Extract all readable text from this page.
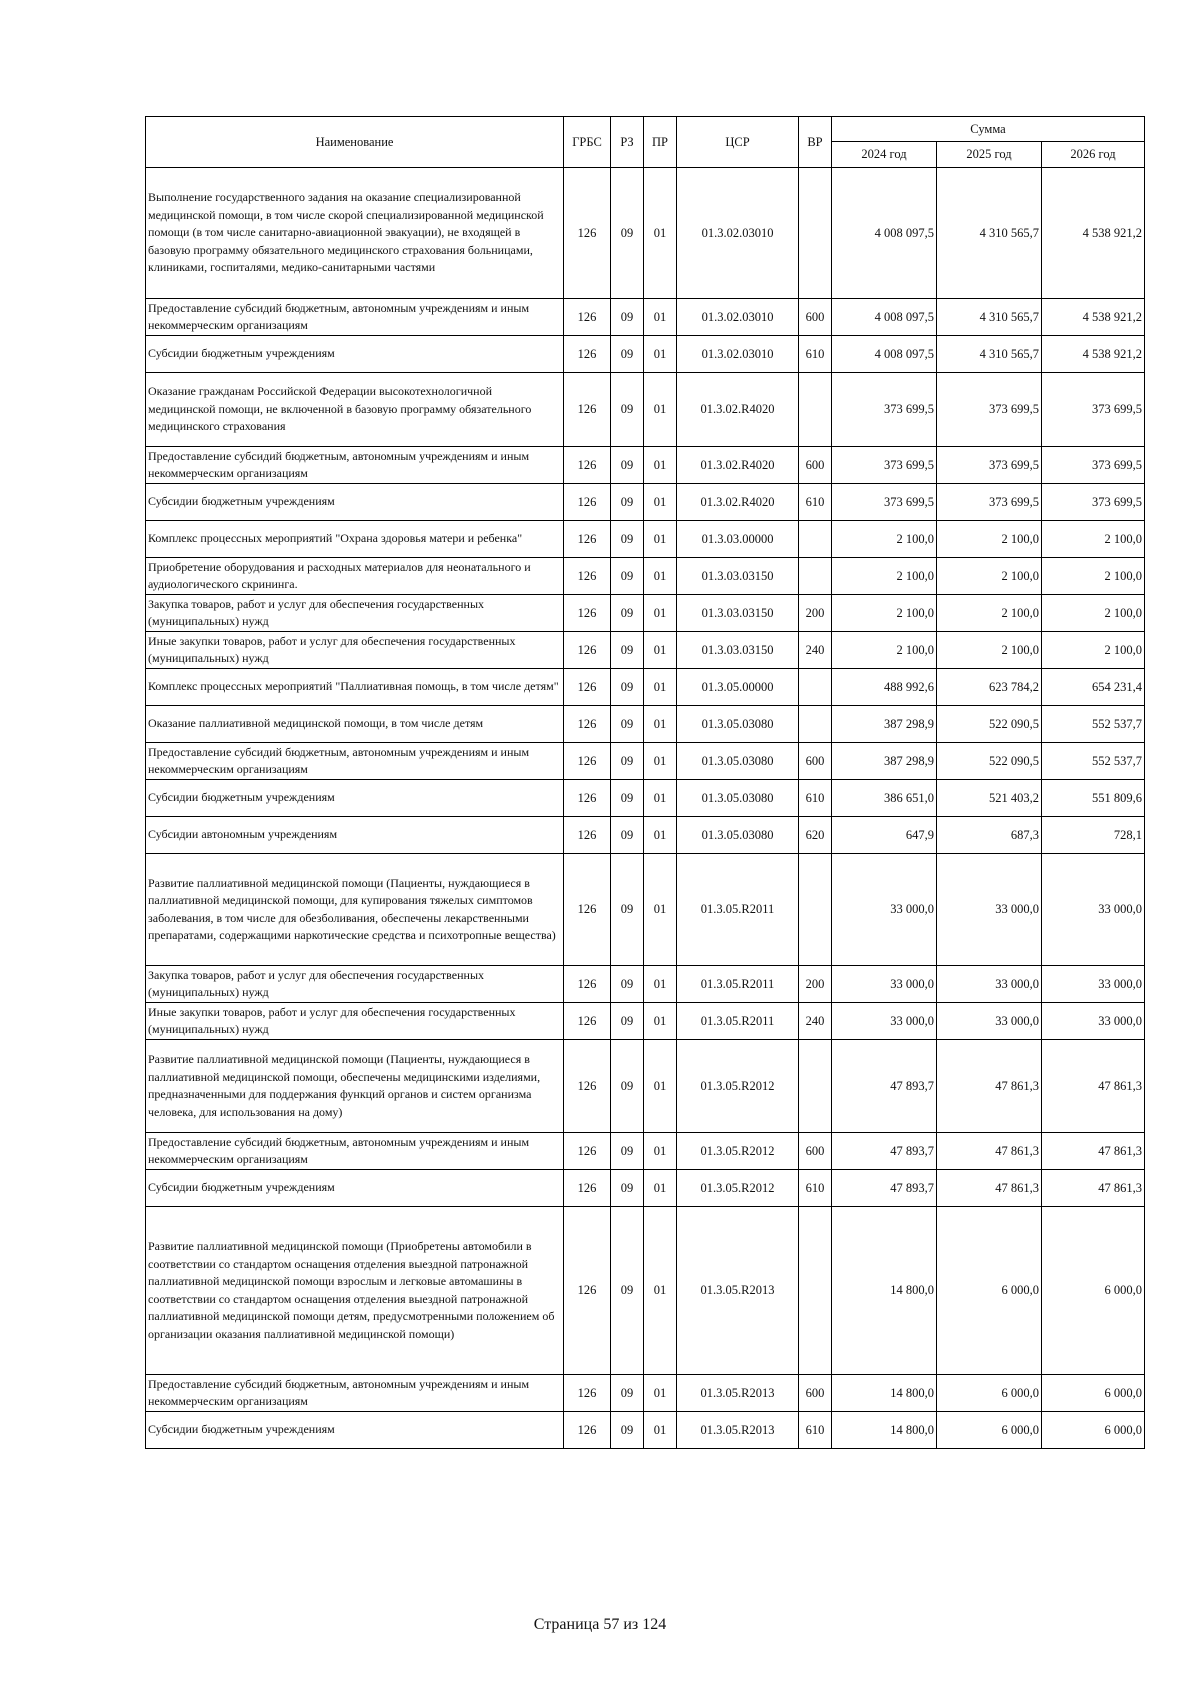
Наименование	ГРБС	РЗ	ПР	ЦСР	ВР	Сумма		
						2024 год	2025 год	2026 год
Выполнение государственного задания на оказание специализированной медицинской помощи, в том числе скорой специализированной медицинской помощи (в том числе санитарно-авиационной эвакуации), не входящей в базовую программу обязательного медицинского страхования больницами, клиниками, госпиталями, медико-санитарными частями	126	09	01	01.3.02.03010		4 008 097,5	4 310 565,7	4 538 921,2
Предоставление субсидий бюджетным, автономным учреждениям и иным некоммерческим организациям	126	09	01	01.3.02.03010	600	4 008 097,5	4 310 565,7	4 538 921,2
Субсидии бюджетным учреждениям	126	09	01	01.3.02.03010	610	4 008 097,5	4 310 565,7	4 538 921,2
Оказание гражданам Российской Федерации высокотехнологичной медицинской помощи, не включенной в базовую программу обязательного медицинского страхования	126	09	01	01.3.02.R4020		373 699,5	373 699,5	373 699,5
Предоставление субсидий бюджетным, автономным учреждениям и иным некоммерческим организациям	126	09	01	01.3.02.R4020	600	373 699,5	373 699,5	373 699,5
Субсидии бюджетным учреждениям	126	09	01	01.3.02.R4020	610	373 699,5	373 699,5	373 699,5
Комплекс процессных мероприятий "Охрана здоровья матери и ребенка"	126	09	01	01.3.03.00000		2 100,0	2 100,0	2 100,0
Приобретение оборудования и расходных материалов для неонатального и аудиологического скрининга.	126	09	01	01.3.03.03150		2 100,0	2 100,0	2 100,0
Закупка товаров, работ и услуг для обеспечения государственных (муниципальных) нужд	126	09	01	01.3.03.03150	200	2 100,0	2 100,0	2 100,0
Иные закупки товаров, работ и услуг для обеспечения государственных (муниципальных) нужд	126	09	01	01.3.03.03150	240	2 100,0	2 100,0	2 100,0
Комплекс процессных мероприятий "Паллиативная помощь, в том числе детям"	126	09	01	01.3.05.00000		488 992,6	623 784,2	654 231,4
Оказание паллиативной медицинской помощи, в том числе детям	126	09	01	01.3.05.03080		387 298,9	522 090,5	552 537,7
Предоставление субсидий бюджетным, автономным учреждениям и иным некоммерческим организациям	126	09	01	01.3.05.03080	600	387 298,9	522 090,5	552 537,7
Субсидии бюджетным учреждениям	126	09	01	01.3.05.03080	610	386 651,0	521 403,2	551 809,6
Субсидии автономным учреждениям	126	09	01	01.3.05.03080	620	647,9	687,3	728,1
Развитие паллиативной медицинской помощи (Пациенты, нуждающиеся в паллиативной медицинской помощи, для купирования тяжелых симптомов заболевания, в том числе для обезболивания, обеспечены лекарственными препаратами, содержащими наркотические средства и психотропные вещества)	126	09	01	01.3.05.R2011		33 000,0	33 000,0	33 000,0
Закупка товаров, работ и услуг для обеспечения государственных (муниципальных) нужд	126	09	01	01.3.05.R2011	200	33 000,0	33 000,0	33 000,0
Иные закупки товаров, работ и услуг для обеспечения государственных (муниципальных) нужд	126	09	01	01.3.05.R2011	240	33 000,0	33 000,0	33 000,0
Развитие паллиативной медицинской помощи (Пациенты, нуждающиеся в паллиативной медицинской помощи, обеспечены медицинскими изделиями, предназначенными для поддержания функций органов и систем организма человека, для использования на дому)	126	09	01	01.3.05.R2012		47 893,7	47 861,3	47 861,3
Предоставление субсидий бюджетным, автономным учреждениям и иным некоммерческим организациям	126	09	01	01.3.05.R2012	600	47 893,7	47 861,3	47 861,3
Субсидии бюджетным учреждениям	126	09	01	01.3.05.R2012	610	47 893,7	47 861,3	47 861,3
Развитие паллиативной медицинской помощи (Приобретены автомобили в соответствии со стандартом оснащения отделения выездной патронажной паллиативной медицинской помощи взрослым и легковые автомашины в соответствии со стандартом оснащения отделения выездной патронажной паллиативной медицинской помощи детям, предусмотренными положением об организации оказания паллиативной медицинской помощи)	126	09	01	01.3.05.R2013		14 800,0	6 000,0	6 000,0
Предоставление субсидий бюджетным, автономным учреждениям и иным некоммерческим организациям	126	09	01	01.3.05.R2013	600	14 800,0	6 000,0	6 000,0
Субсидии бюджетным учреждениям	126	09	01	01.3.05.R2013	610	14 800,0	6 000,0	6 000,0
Страница 57 из 124
